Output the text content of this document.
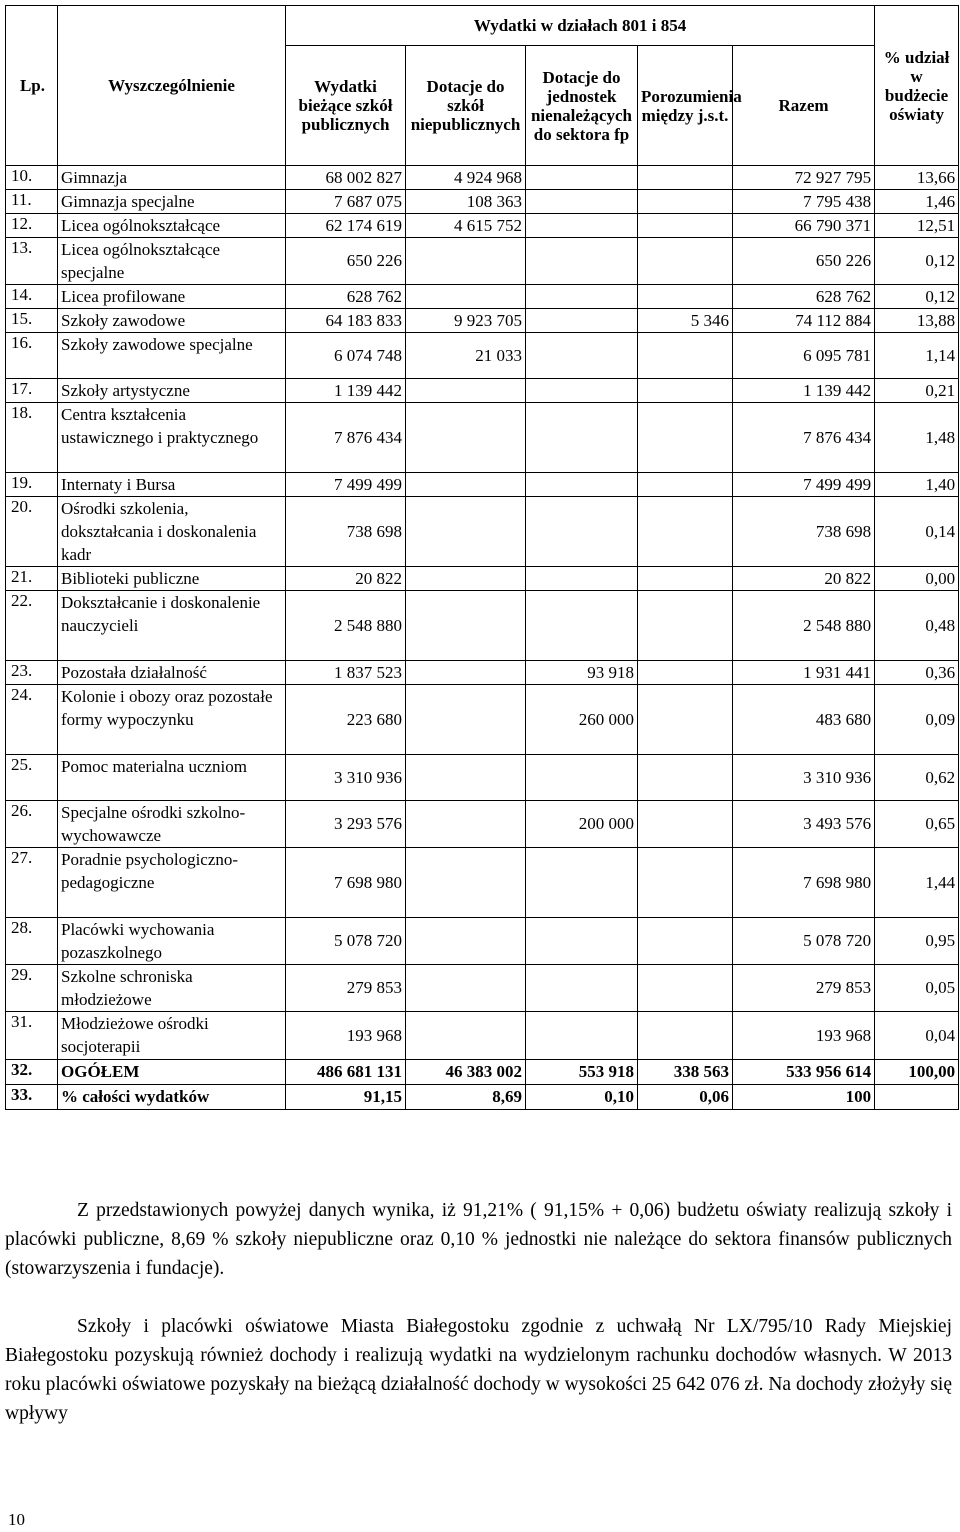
Lp.	Wyszczególnienie	Wydatki w działach 801 i 854					% udział w budżecie oświaty
		Wydatki bieżące szkół publicznych	Dotacje do szkół niepublicznych	Dotacje do jednostek nienależących do sektora fp	Porozumienia między j.s.t.	Razem	
10.	Gimnazja	68 002 827	4 924 968			72 927 795	13,66
11.	Gimnazja specjalne	7 687 075	108 363			7 795 438	1,46
12.	Licea ogólnokształcące	62 174 619	4 615 752			66 790 371	12,51
13.	Licea ogólnokształcące specjalne	650 226				650 226	0,12
14.	Licea profilowane	628 762				628 762	0,12
15.	Szkoły zawodowe	64 183 833	9 923 705		5 346	74 112 884	13,88
16.	Szkoły zawodowe specjalne	6 074 748	21 033			6 095 781	1,14
17.	Szkoły artystyczne	1 139 442				1 139 442	0,21
18.	Centra kształcenia ustawicznego i praktycznego	7 876 434				7 876 434	1,48
19.	Internaty i Bursa	7 499 499				7 499 499	1,40
20.	Ośrodki szkolenia, dokształcania i doskonalenia kadr	738 698				738 698	0,14
21.	Biblioteki publiczne	20 822				20 822	0,00
22.	Dokształcanie i doskonalenie nauczycieli	2 548 880				2 548 880	0,48
23.	Pozostała działalność	1 837 523		93 918		1 931 441	0,36
24.	Kolonie i obozy oraz pozostałe formy wypoczynku	223 680		260 000		483 680	0,09
25.	Pomoc materialna uczniom	3 310 936				3 310 936	0,62
26.	Specjalne ośrodki szkolno-wychowawcze	3 293 576		200 000		3 493 576	0,65
27.	Poradnie psychologiczno-pedagogiczne	7 698 980				7 698 980	1,44
28.	Placówki wychowania pozaszkolnego	5 078 720				5 078 720	0,95
29.	Szkolne schroniska młodzieżowe	279 853				279 853	0,05
31.	Młodzieżowe ośrodki socjoterapii	193 968				193 968	0,04
32.	OGÓŁEM	486 681 131	46 383 002	553 918	338 563	533 956 614	100,00
33.	% całości wydatków	91,15	8,69	0,10	0,06	100	

Z przedstawionych powyżej danych wynika, iż 91,21% ( 91,15% + 0,06) budżetu oświaty realizują szkoły i placówki publiczne, 8,69 % szkoły niepubliczne oraz 0,10 % jednostki nie należące do sektora finansów publicznych (stowarzyszenia i fundacje).

Szkoły i placówki oświatowe Miasta Białegostoku zgodnie z uchwałą Nr LX/795/10 Rady Miejskiej Białegostoku pozyskują również dochody i realizują wydatki na wydzielonym rachunku dochodów własnych. W 2013 roku placówki oświatowe pozyskały na bieżącą działalność dochody w wysokości 25 642 076 zł. Na dochody złożyły się wpływy

10
